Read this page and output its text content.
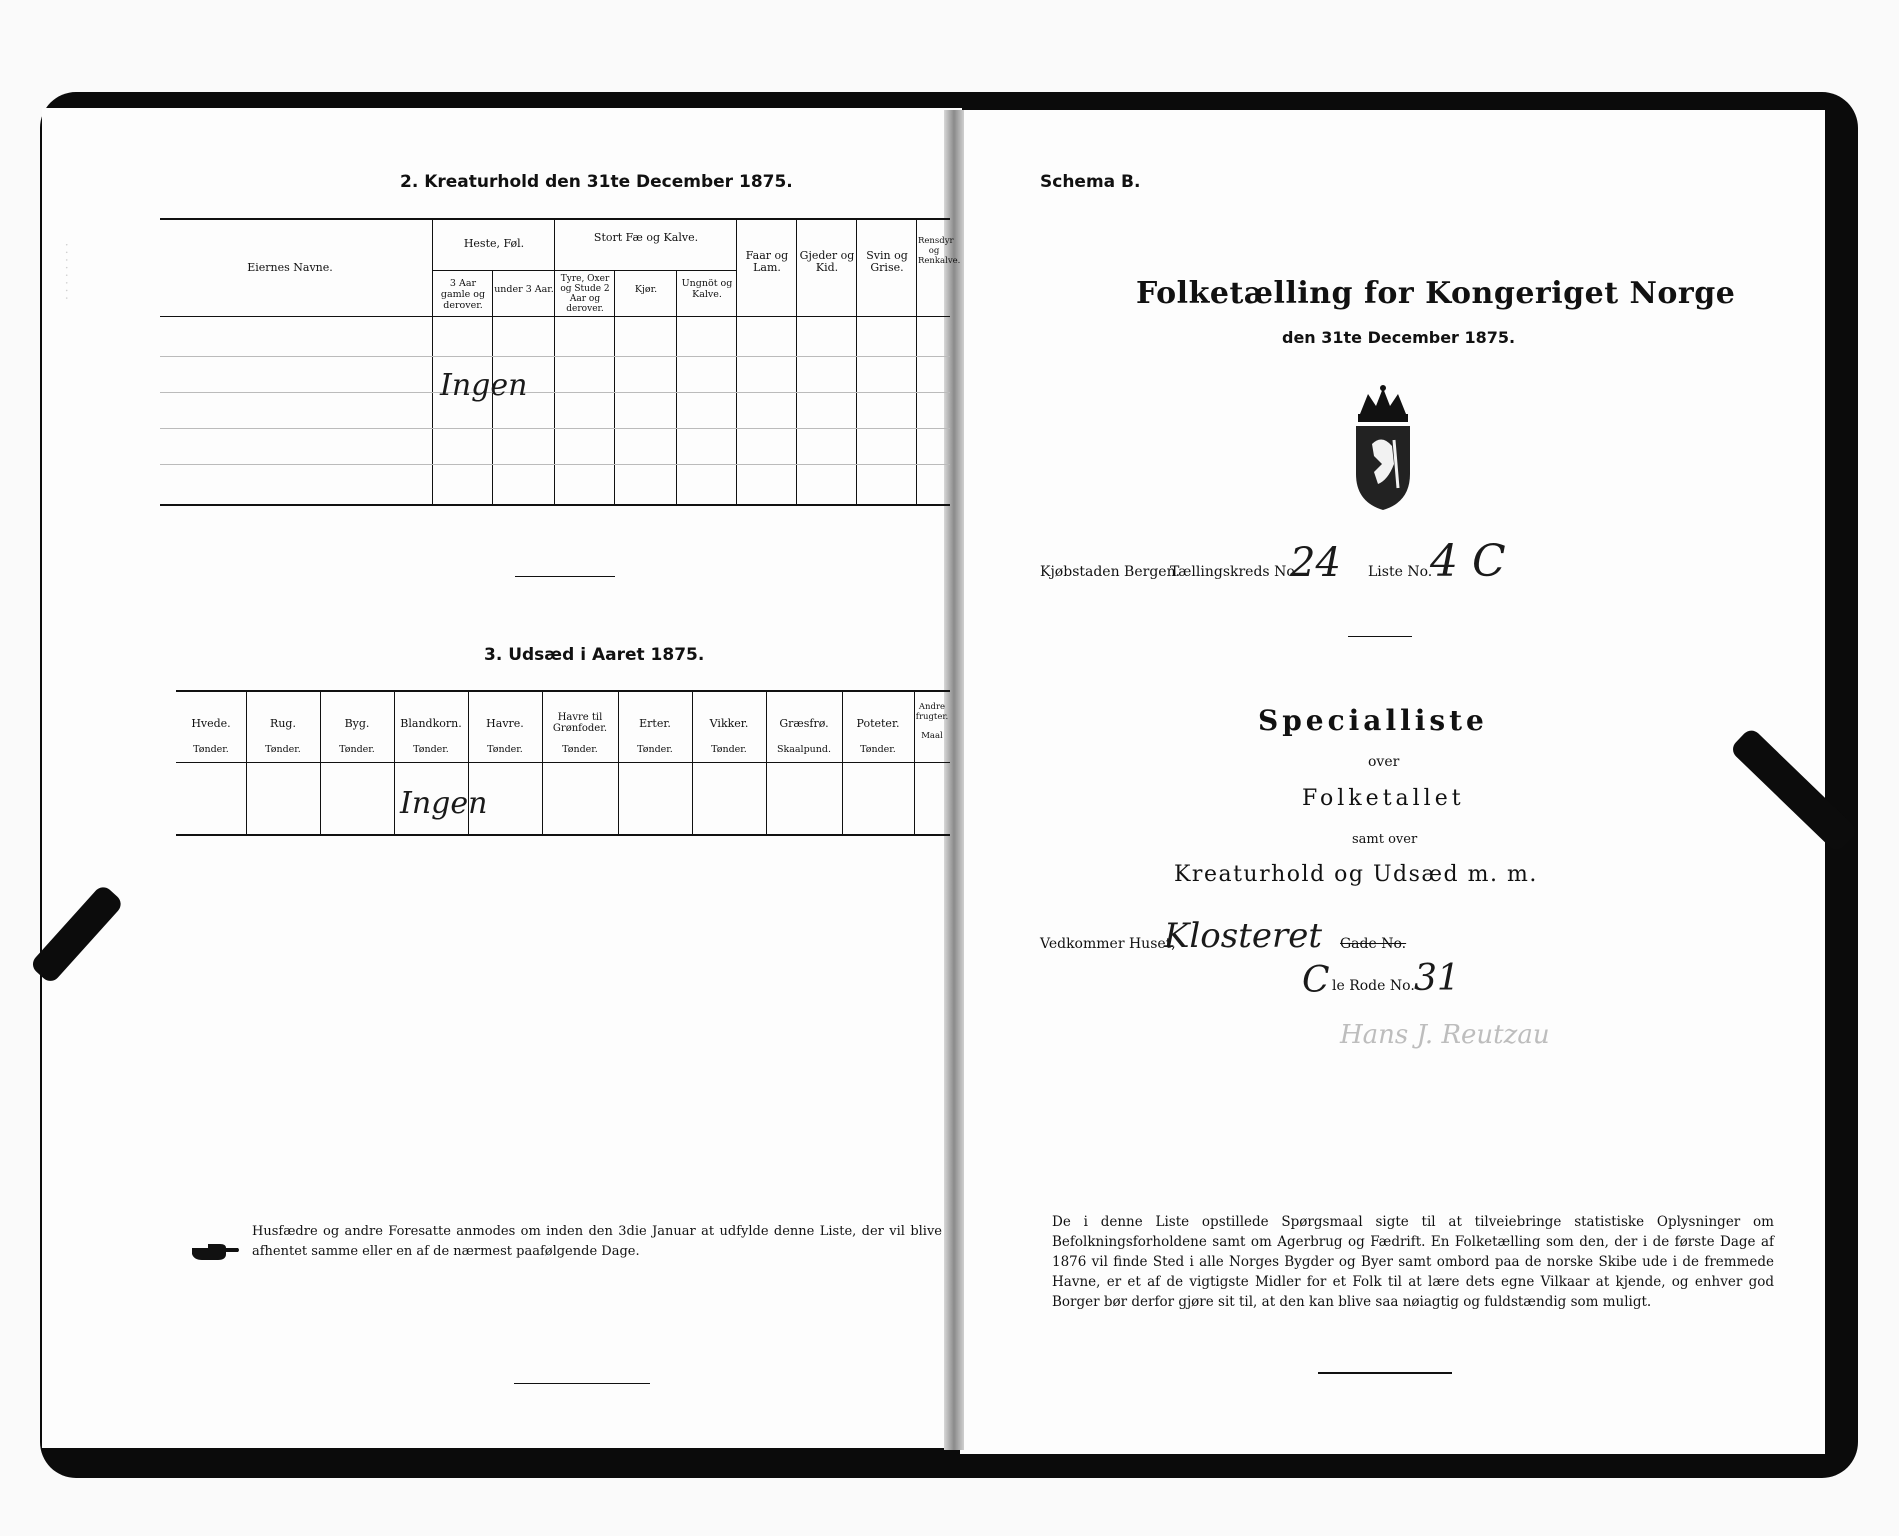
2. Kreaturhold den 31te December 1875.
Eiernes Navne.
Heste, Føl.
3 Aar gamle og derover.
under 3 Aar.
Stort Fæ og Kalve.
Tyre, Oxer og Stude 2 Aar og derover.
Kjør.
Ungnöt og Kalve.
Faar og Lam.
Gjeder og Kid.
Svin og Grise.
Rensdyr og Renkalve.
Ingen
3. Udsæd i Aaret 1875.
Hvede.
Tønder.
Rug.
Tønder.
Byg.
Tønder.
Blandkorn.
Tønder.
Havre.
Tønder.
Havre til Grønfoder.
Tønder.
Erter.
Tønder.
Vikker.
Tønder.
Græsfrø.
Skaalpund.
Poteter.
Tønder.
Andre frugter.
Maal
Ingen
Husfædre og andre Foresatte anmodes om inden den 3die Januar at udfylde denne Liste, der vil blive afhentet samme eller en af de nærmest paafølgende Dage.
· · · · · · · ·
Schema B.
Folketælling for Kongeriget Norge
den 31te December 1875.
Kjøbstaden Bergen.
Tællingskreds No.
24 Liste No.
4 C
Specialliste
over
Folketallet
samt over
Kreaturhold og Udsæd m. m.
Vedkommer Huset,
Klosteret Gade No.
C le Rode No. 31
Hans J. Reutzau
De i denne Liste opstillede Spørgsmaal sigte til at tilveiebringe statistiske Oplysninger om Befolkningsforholdene samt om Agerbrug og Fædrift. En Folketælling som den, der i de første Dage af 1876 vil finde Sted i alle Norges Bygder og Byer samt ombord paa de norske Skibe ude i de fremmede Havne, er et af de vigtigste Midler for et Folk til at lære dets egne Vilkaar at kjende, og enhver god Borger bør derfor gjøre sit til, at den kan blive saa nøiagtig og fuldstændig som muligt.
